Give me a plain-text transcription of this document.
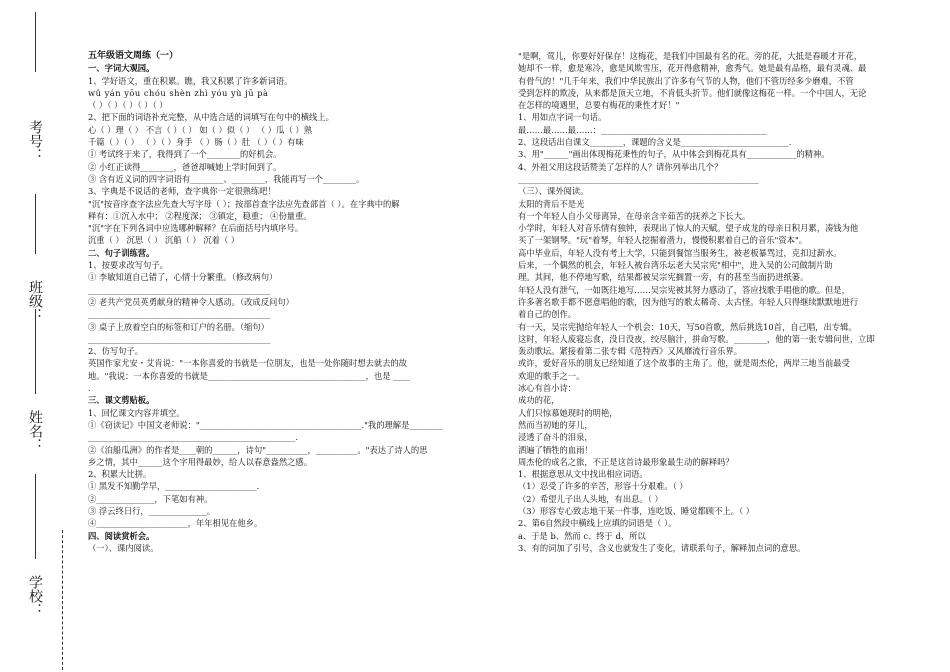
考号：
班级：
姓名：
学校：
五年级语文周练（一）
一、字词大观园。
1、学好语文，重在积累。瞧，我又积累了许多新词语。
wǔ yán yōu chóu shèn zhì yóu yù jū pà
（ ）（ ）（ ）（ ）（ ）
2、把下面的词语补充完整，从中选合适的词填写在句中的横线上。
心（ ）理（ ） 不言（ ）（ ） 如（ ）似（ ） （ ）瓜（ ）熟
千篇（ ）（ ） （ ）（ ）身手 （ ）肠（ ）肚 （ ）（ ）有味
① 考试终于来了，我得到了一个________的好机会。
② 小红正读得________，爸爸却喊她上学时间到了。
③ 含有近义词的四字词语有________、________，我能再写一个________。
3、字典是不说话的老师，查字典你一定很熟练吧！
"沉"按音序查字法应先查大写字母（ ）；按部首查字法应先查部首（ ）。在字典中的解
释有：①沉入水中； ②程度深； ③镇定，稳重； ④份量重。
"沉"字在下列各词中应选哪种解释？在后面括号内填序号。
沉重（ ） 沉思（ ） 沉船（ ） 沉着（ ）
二、句子训练营。
1、按要求改写句子。
① 李敏知道自己错了，心情十分繁重。（修改病句）
____________________________________________
② 老共产党员英勇献身的精神令人感动。（改成反问句）
____________________________________________
③ 桌子上放着空白的标签和订户的名册。（缩句）
____________________________________________
2、仿写句子。
英国作家尤安・艾肯说："一本你喜爱的书就是一位朋友，也是一处你随时想去就去的故
地。"我说：一本你喜爱的书就是______________________________________，也是 ____
.
三、课文剪贴板。
1、回忆课文内容并填空。
①《窃读记》中国文老师说："_______________________________________."我的理解是________
__________________________________________________.
②《泊船瓜洲》的作者是____朝的______，诗句"__________，__________。"表达了诗人的思
乡之情，其中______这个字用得最妙，给人以春意盎然之感。
2、积累大比拼。
① 黑发不知勤学早，______________________.
②______________，下笔如有神。
③ 浮云终日行，______________。
④______________________，年年相见在他乡。
四、阅读赏析会。
（一）、课内阅读。
"是啊，莺儿，你要好好保存！这梅花，是我们中国最有名的花。旁的花，大抵是春暖才开花，
她却不一样，愈是寒冷，愈是风欺雪压，花开得愈精神，愈秀气。她是最有品格，最有灵魂、最
有骨气的！"几千年来，我们中华民族出了许多有气节的人物，他们不管历经多少磨难，不管
受到怎样的欺凌，从来都是顶天立地，不肯低头折节。他们就像这梅花一样。一个中国人，无论
在怎样的境遇里，总要有梅花的秉性才好！"
1、用如点字词一句话。
最……最……最……：________________________________________
2、这段话出自课文________，课题的含义是__________________________.
3、用"______"画出体现梅花秉性的句子，从中体会到梅花具有____________的精神。
4、外祖父用这段话赞美了怎样的人？请你列举出几个？
__________________________________________________________
（三）、课外阅读。
太阳的背后不是光
有一个年轻人自小父母离异，在母亲含辛茹苦的抚养之下长大。
小学时，年轻人对音乐情有独钟，表现出了惊人的天赋。望子成龙的母亲日积月累，凑钱为他
买了一架钢琴。"玩"着琴，年轻人挖掘着潜力，慢慢积累着自己的音乐"资本"。
高中毕业后，年轻人没有考上大学，只能到餐馆当服务生，被老板暴骂过，克扣过薪水。
后来，一个偶然的机会，年轻人被台湾乐坛老大吴宗宪"相中"，进入吴的公司做制片助
理。其间，他不停地写歌，结果都被吴宗宪搁置一旁，有的甚至当面扔进纸篓。
年轻人没有泄气，一如既往地写……吴宗宪被其努力感动了，答应找歌手唱他的歌。但是，
许多著名歌手都不愿意唱他的歌，因为他写的歌太稀奇、太古怪。年轻人只得继续默默地进行
着自己的创作。
有一天，吴宗宪抛给年轻人一个机会：10天，写50首歌，然后挑选10首，自己唱，出专辑。
这时，年轻人废寝忘食，没日没夜，绞尽脑汁，拼命写歌。________，他的第一张专辑问世，立即
轰动歌坛。紧接着第二张专辑《范特西》又风靡流行音乐界。
或许，爱好音乐的朋友已经知道了这个故事的主角了。他，就是周杰伦，两岸三地当前最受
欢迎的歌手之一。
冰心有首小诗：
成功的花，
人们只惊慕她现时的明艳，
然而当初她的芽儿，
浸透了奋斗的泪泉，
洒遍了牺牲的血雨！
周杰伦的成名之旅，不正是这首诗最形象最生动的解释吗？
1、根据意思从文中找出相应词语。
（1）忍受了许多的辛苦，形容十分艰难。（ ）
（2）希望儿子出人头地，有出息。（ ）
（3）形容专心致志地干某一件事，连吃饭、睡觉都顾不上。（ ）
2、第6自然段中横线上应填的词语是（ ）。
a、于是 b、然而 c、终于 d、所以
3、有的词加了引号，含义也就发生了变化，请联系句子，解释加点词的意思。
